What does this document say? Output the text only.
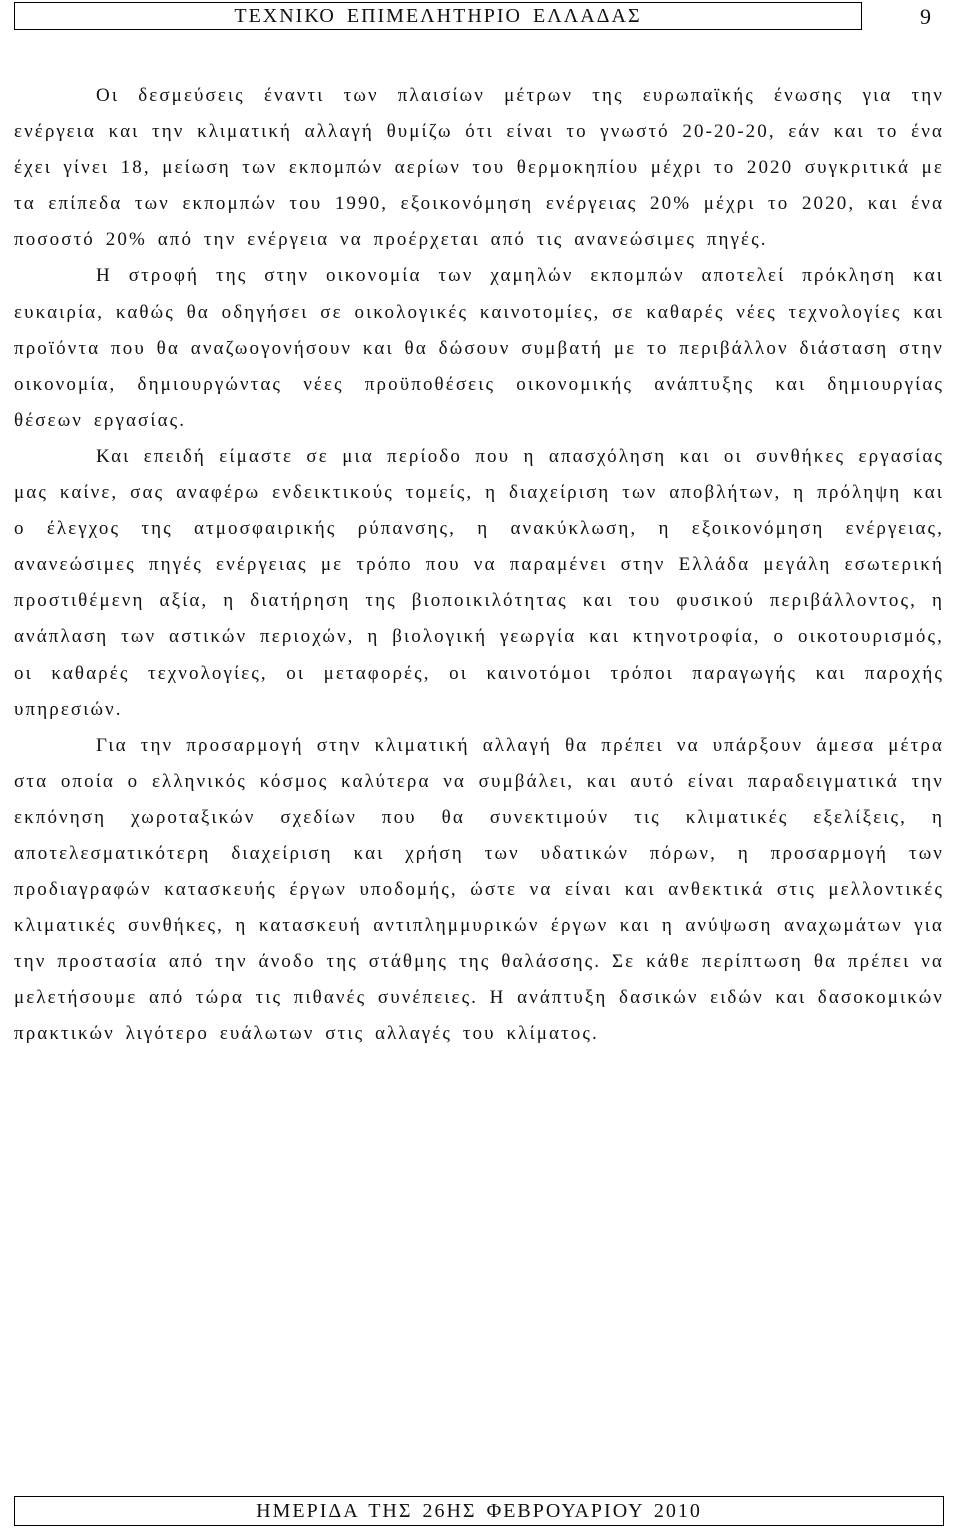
ΤΕΧΝΙΚΟ ΕΠΙΜΕΛΗΤΗΡΙΟ ΕΛΛΑΔΑΣ	9

Οι δεσμεύσεις έναντι των πλαισίων μέτρων της ευρωπαϊκής ένωσης για την ενέργεια και την κλιματική αλλαγή θυμίζω ότι είναι το γνωστό 20-20-20, εάν και το ένα έχει γίνει 18, μείωση των εκπομπών αερίων του θερμοκηπίου μέχρι το 2020 συγκριτικά με τα επίπεδα των εκπομπών του 1990, εξοικονόμηση ενέργειας 20% μέχρι το 2020, και ένα ποσοστό 20% από την ενέργεια να προέρχεται από τις ανανεώσιμες πηγές.

Η στροφή της στην οικονομία των χαμηλών εκπομπών αποτελεί πρόκληση και ευκαιρία, καθώς θα οδηγήσει σε οικολογικές καινοτομίες, σε καθαρές νέες τεχνολογίες και προϊόντα που θα αναζωογονήσουν και θα δώσουν συμβατή με το περιβάλλον διάσταση στην οικονομία, δημιουργώντας νέες προϋποθέσεις οικονομικής ανάπτυξης και δημιουργίας θέσεων εργασίας.

Και επειδή είμαστε σε μια περίοδο που η απασχόληση και οι συνθήκες εργασίας μας καίνε, σας αναφέρω ενδεικτικούς τομείς, η διαχείριση των αποβλήτων, η πρόληψη και ο έλεγχος της ατμοσφαιρικής ρύπανσης, η ανακύκλωση, η εξοικονόμηση ενέργειας, ανανεώσιμες πηγές ενέργειας με τρόπο που να παραμένει στην Ελλάδα μεγάλη εσωτερική προστιθέμενη αξία, η διατήρηση της βιοποικιλότητας και του φυσικού περιβάλλοντος, η ανάπλαση των αστικών περιοχών, η βιολογική γεωργία και κτηνοτροφία, ο οικοτουρισμός, οι καθαρές τεχνολογίες, οι μεταφορές, οι καινοτόμοι τρόποι παραγωγής και παροχής υπηρεσιών.

Για την προσαρμογή στην κλιματική αλλαγή θα πρέπει να υπάρξουν άμεσα μέτρα στα οποία ο ελληνικός κόσμος καλύτερα να συμβάλει, και αυτό είναι παραδειγματικά την εκπόνηση χωροταξικών σχεδίων που θα συνεκτιμούν τις κλιματικές εξελίξεις, η αποτελεσματικότερη διαχείριση και χρήση των υδατικών πόρων, η προσαρμογή των προδιαγραφών κατασκευής έργων υποδομής, ώστε να είναι και ανθεκτικά στις μελλοντικές κλιματικές συνθήκες, η κατασκευή αντιπλημμυρικών έργων και η ανύψωση αναχωμάτων για την προστασία από την άνοδο της στάθμης της θαλάσσης. Σε κάθε περίπτωση θα πρέπει να μελετήσουμε από τώρα τις πιθανές συνέπειες. Η ανάπτυξη δασικών ειδών και δασοκομικών πρακτικών λιγότερο ευάλωτων στις αλλαγές του κλίματος.

ΗΜΕΡΙΔΑ ΤΗΣ 26ΗΣ ΦΕΒΡΟΥΑΡΙΟΥ 2010
